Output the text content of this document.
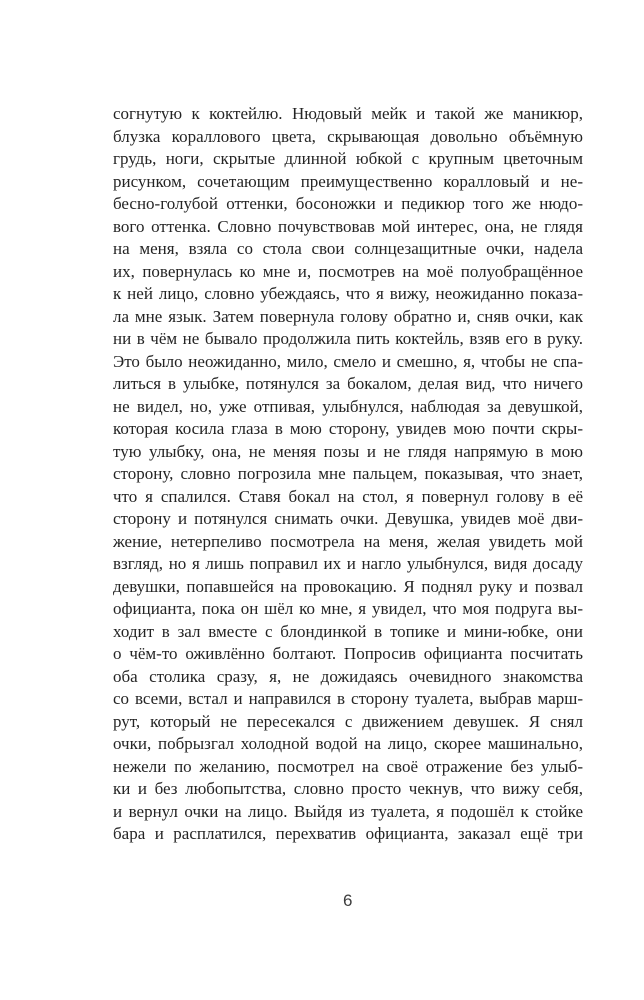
согнутую к коктейлю. Нюдовый мейк и такой же маникюр,
блузка кораллового цвета, скрывающая довольно объёмную
грудь, ноги, скрытые длинной юбкой с крупным цветочным
рисунком, сочетающим преимущественно коралловый и не-
бесно-голубой оттенки, босоножки и педикюр того же нюдо-
вого оттенка. Словно почувствовав мой интерес, она, не глядя
на меня, взяла со стола свои солнцезащитные очки, надела
их, повернулась ко мне и, посмотрев на моё полуобращённое
к ней лицо, словно убеждаясь, что я вижу, неожиданно показа-
ла мне язык. Затем повернула голову обратно и, сняв очки, как
ни в чём не бывало продолжила пить коктейль, взяв его в руку.
Это было неожиданно, мило, смело и смешно, я, чтобы не спа-
литься в улыбке, потянулся за бокалом, делая вид, что ничего
не видел, но, уже отпивая, улыбнулся, наблюдая за девушкой,
которая косила глаза в мою сторону, увидев мою почти скры-
тую улыбку, она, не меняя позы и не глядя напрямую в мою
сторону, словно погрозила мне пальцем, показывая, что знает,
что я спалился. Ставя бокал на стол, я повернул голову в её
сторону и потянулся снимать очки. Девушка, увидев моё дви-
жение, нетерпеливо посмотрела на меня, желая увидеть мой
взгляд, но я лишь поправил их и нагло улыбнулся, видя досаду
девушки, попавшейся на провокацию. Я поднял руку и позвал
официанта, пока он шёл ко мне, я увидел, что моя подруга вы-
ходит в зал вместе с блондинкой в топике и мини-юбке, они
о чём-то оживлённо болтают. Попросив официанта посчитать
оба столика сразу, я, не дожидаясь очевидного знакомства
со всеми, встал и направился в сторону туалета, выбрав марш-
рут, который не пересекался с движением девушек. Я снял
очки, побрызгал холодной водой на лицо, скорее машинально,
нежели по желанию, посмотрел на своё отражение без улыб-
ки и без любопытства, словно просто чекнув, что вижу себя,
и вернул очки на лицо. Выйдя из туалета, я подошёл к стойке
бара и расплатился, перехватив официанта, заказал ещё три
6
